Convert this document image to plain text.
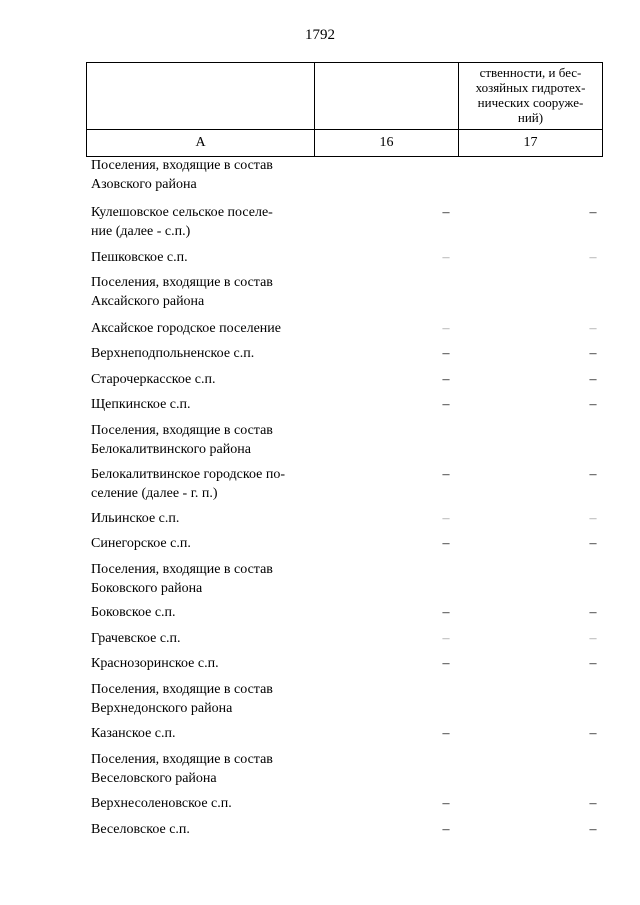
1792

		ственности, и бес-
хозяйных гидротех-
нических сооруже-
ний)

А	16	17
Поселения, входящие в состав
Азовского района
Кулешовское сельское поселе-
ние (далее - с.п.)
–	–
Пешковское с.п.	–	–
Поселения, входящие в состав
Аксайского района
Аксайское городское поселение	–	–
Верхнеподпольненское с.п.	–	–
Старочеркасское с.п.	–	–
Щепкинское с.п.	–	–
Поселения, входящие в состав
Белокалитвинского района
Белокалитвинское городское по-
селение (далее - г. п.)
–	–
Ильинское с.п.	–	–
Синегорское с.п.	–	–
Поселения, входящие в состав
Боковского района
Боковское с.п.	–	–
Грачевское с.п.	–	–
Краснозоринское с.п.	–	–
Поселения, входящие в состав
Верхнедонского района
Казанское с.п.	–	–
Поселения, входящие в состав
Веселовского района
Верхнесоленовское с.п.	–	–
Веселовское с.п.	–	–
